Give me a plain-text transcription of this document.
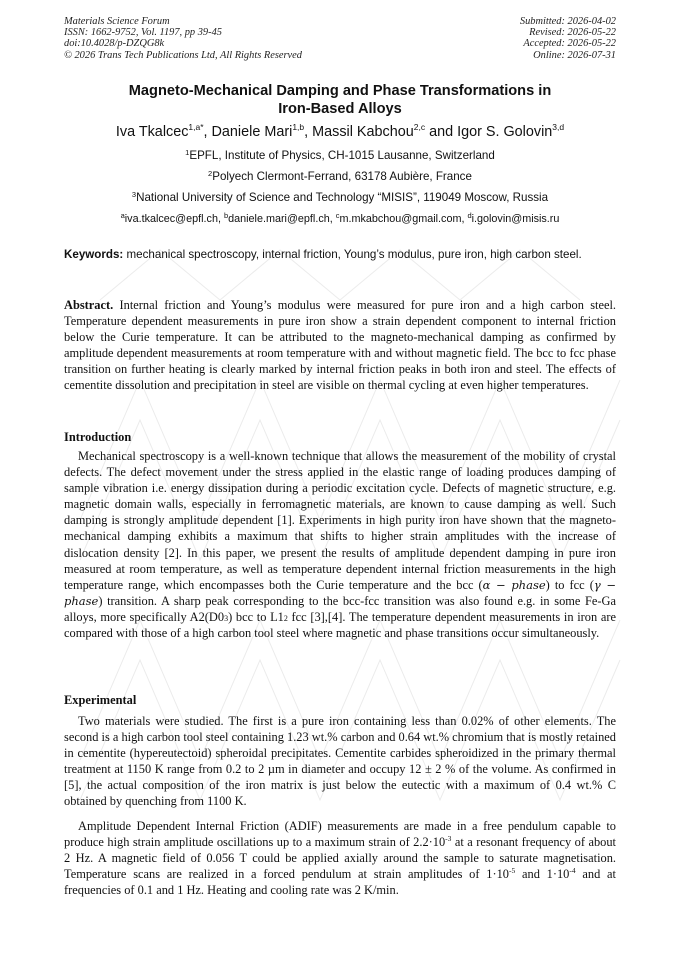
Materials Science Forum
ISSN: 1662-9752, Vol. 1197, pp 39-45
doi:10.4028/p-DZQG8k
© 2026 Trans Tech Publications Ltd, All Rights Reserved
Submitted: 2026-04-02
Revised: 2026-05-22
Accepted: 2026-05-22
Online: 2026-07-31
Magneto-Mechanical Damping and Phase Transformations in
Iron-Based Alloys
Iva Tkalcec$^{1,a*}$, Daniele Mari$^{1,b}$, Massil Kabchou$^{2,c}$ and Igor S. Golovin$^{3,d}$
$^1$EPFL, Institute of Physics, CH-1015 Lausanne, Switzerland
$^2$Polyech Clermont-Ferrand, 63178 Aubière, France
$^3$National University of Science and Technology “MISIS”, 119049 Moscow, Russia
$^a$iva.tkalcec@epfl.ch, $^b$daniele.mari@epfl.ch, $^c$m.mkabchou@gmail.com, $^d$i.golovin@misis.ru
Keywords: mechanical spectroscopy, internal friction, Young’s modulus, pure iron, high carbon steel.
Abstract. Internal friction and Young’s modulus were measured for pure iron and a high carbon steel. Temperature dependent measurements in pure iron show a strain dependent component to internal friction below the Curie temperature. It can be attributed to the magneto-mechanical damping as confirmed by amplitude dependent measurements at room temperature with and without magnetic field. The bcc to fcc phase transition on further heating is clearly marked by internal friction peaks in both iron and steel. The effects of cementite dissolution and precipitation in steel are visible on thermal cycling at even higher temperatures.
Introduction
Mechanical spectroscopy is a well-known technique that allows the measurement of the mobility of crystal defects. The defect movement under the stress applied in the elastic range of loading produces damping of sample vibration i.e. energy dissipation during a periodic excitation cycle. Defects of magnetic structure, e.g. magnetic domain walls, especially in ferromagnetic materials, are known to cause damping as well. Such damping is strongly amplitude dependent [1]. Experiments in high purity iron have shown that the magneto-mechanical damping exhibits a maximum that shifts to higher strain amplitudes with the increase of dislocation density [2]. In this paper, we present the results of amplitude dependent damping in pure iron measured at room temperature, as well as temperature dependent internal friction measurements in the high temperature range, which encompasses both the Curie temperature and the bcc (α − phase) to fcc (γ − phase) transition. A sharp peak corresponding to the bcc-fcc transition was also found e.g. in some Fe-Ga alloys, more specifically A2(D03) bcc to L12 fcc [3],[4]. The temperature dependent measurements in iron are compared with those of a high carbon tool steel where magnetic and phase transitions occur simultaneously.
Experimental
Two materials were studied. The first is a pure iron containing less than 0.02% of other elements. The second is a high carbon tool steel containing 1.23 wt.% carbon and 0.64 wt.% chromium that is mostly retained in cementite (hypereutectoid) spheroidal precipitates. Cementite carbides spheroidized in the primary thermal treatment at 1150 K range from 0.2 to 2 µm in diameter and occupy 12 ± 2 % of the volume. As confirmed in [5], the actual composition of the iron matrix is just below the eutectic with a maximum of 0.4 wt.% C obtained by quenching from 1100 K.
Amplitude Dependent Internal Friction (ADIF) measurements are made in a free pendulum capable to produce high strain amplitude oscillations up to a maximum strain of $2.2\cdot 10^{-3}$ at a resonant frequency of about 2 Hz. A magnetic field of 0.056 T could be applied axially around the sample to saturate magnetisation. Temperature scans are realized in a forced pendulum at strain amplitudes of $1\cdot 10^{-5}$ and $1\cdot 10^{-4}$ and at frequencies of 0.1 and 1 Hz. Heating and cooling rate was 2 K/min.
